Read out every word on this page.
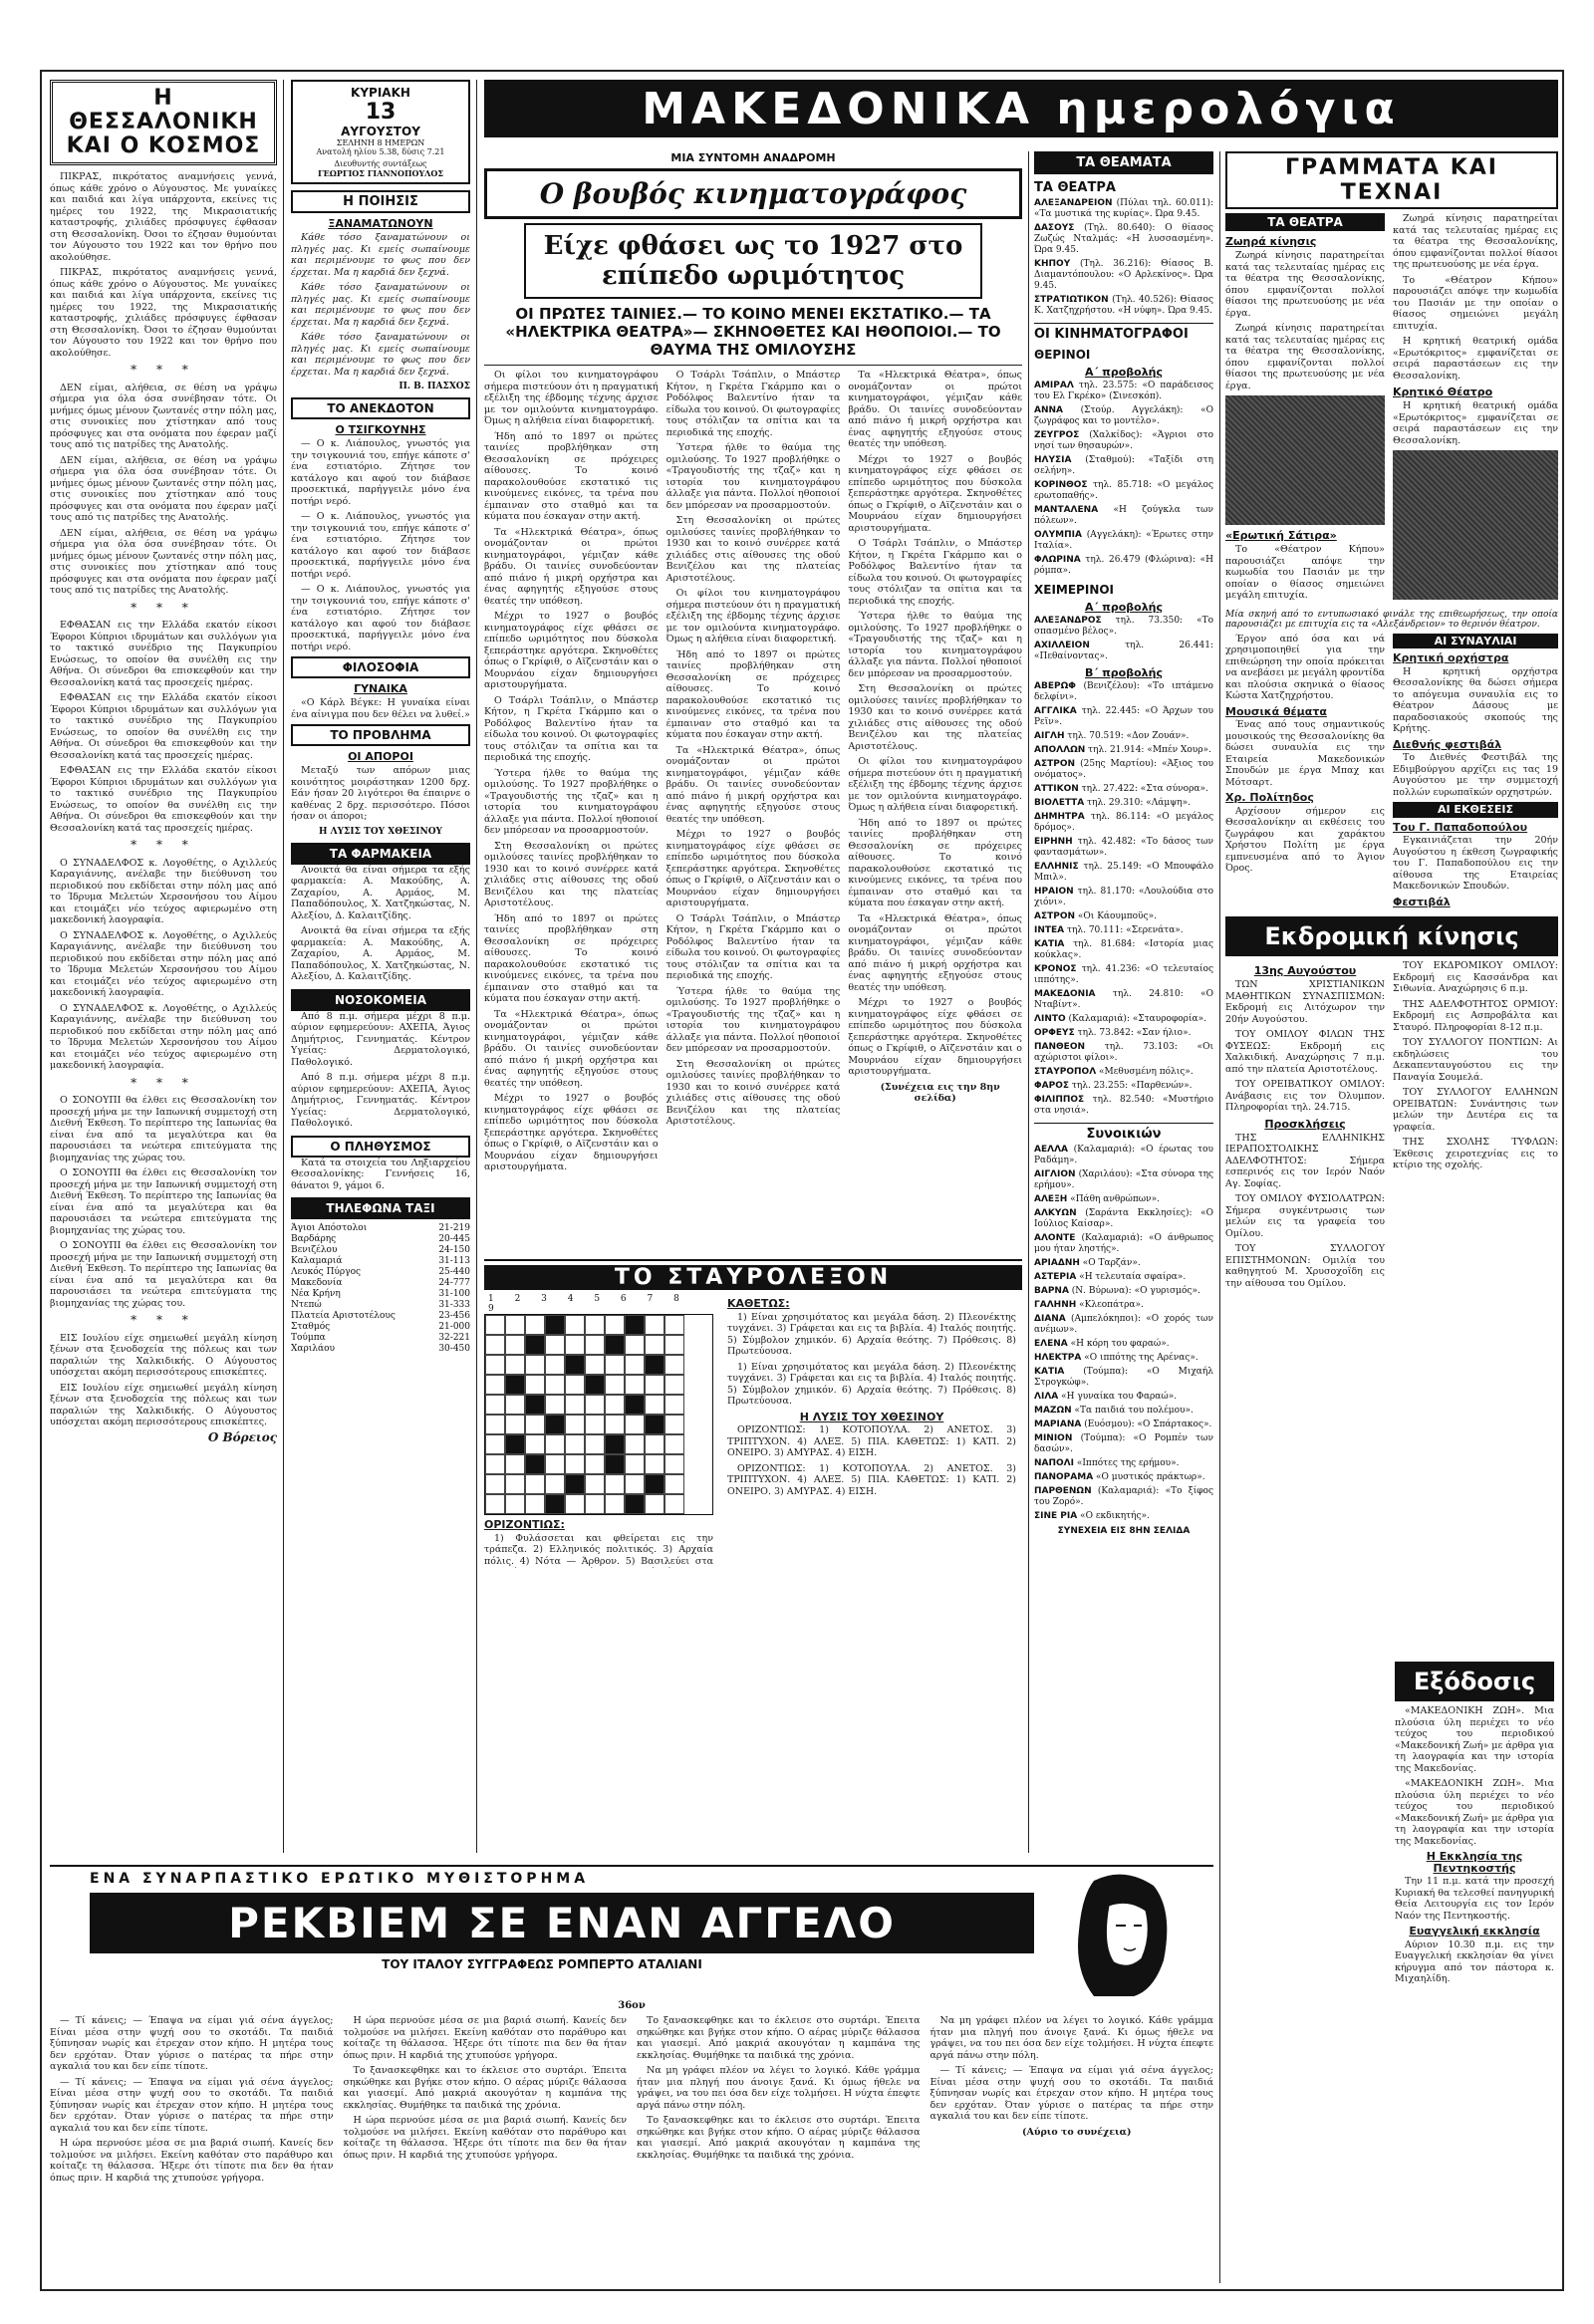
Η ΘΕΣΣΑΛΟΝΙΚΗ ΚΑΙ Ο ΚΟΣΜΟΣ

ΠΙΚΡΑΣ, πικρότατος αναμνήσεις γεννά, όπως κάθε χρόνο ο Αύγουστος. Με γυναίκες και παιδιά και λίγα υπάρχοντα, εκείνες τις ημέρες του 1922, της Μικρασιατικής καταστροφής, χιλιάδες πρόσφυγες έφθασαν στη Θεσσαλονίκη. Όσοι το έζησαν θυμούνται τον Αύγουστο του 1922 και τον θρήνο που ακολούθησε.

ΠΙΚΡΑΣ, πικρότατος αναμνήσεις γεννά, όπως κάθε χρόνο ο Αύγουστος. Με γυναίκες και παιδιά και λίγα υπάρχοντα, εκείνες τις ημέρες του 1922, της Μικρασιατικής καταστροφής, χιλιάδες πρόσφυγες έφθασαν στη Θεσσαλονίκη. Όσοι το έζησαν θυμούνται τον Αύγουστο του 1922 και τον θρήνο που ακολούθησε.

* * *

ΔΕΝ είμαι, αλήθεια, σε θέση να γράψω σήμερα για όλα όσα συνέβησαν τότε. Οι μνήμες όμως μένουν ζωντανές στην πόλη μας, στις συνοικίες που χτίστηκαν από τους πρόσφυγες και στα ονόματα που έφεραν μαζί τους από τις πατρίδες της Ανατολής.

ΔΕΝ είμαι, αλήθεια, σε θέση να γράψω σήμερα για όλα όσα συνέβησαν τότε. Οι μνήμες όμως μένουν ζωντανές στην πόλη μας, στις συνοικίες που χτίστηκαν από τους πρόσφυγες και στα ονόματα που έφεραν μαζί τους από τις πατρίδες της Ανατολής.

ΔΕΝ είμαι, αλήθεια, σε θέση να γράψω σήμερα για όλα όσα συνέβησαν τότε. Οι μνήμες όμως μένουν ζωντανές στην πόλη μας, στις συνοικίες που χτίστηκαν από τους πρόσφυγες και στα ονόματα που έφεραν μαζί τους από τις πατρίδες της Ανατολής.

* * *

ΕΦΘΑΣΑΝ εις την Ελλάδα εκατόν είκοσι Έφοροι Κύπριοι ιδρυμάτων και συλλόγων για το τακτικό συνέδριο της Παγκυπρίου Ενώσεως, το οποίον θα συνέλθη εις την Αθήνα. Οι σύνεδροι θα επισκεφθούν και την Θεσσαλονίκη κατά τας προσεχείς ημέρας.

ΕΦΘΑΣΑΝ εις την Ελλάδα εκατόν είκοσι Έφοροι Κύπριοι ιδρυμάτων και συλλόγων για το τακτικό συνέδριο της Παγκυπρίου Ενώσεως, το οποίον θα συνέλθη εις την Αθήνα. Οι σύνεδροι θα επισκεφθούν και την Θεσσαλονίκη κατά τας προσεχείς ημέρας.

ΕΦΘΑΣΑΝ εις την Ελλάδα εκατόν είκοσι Έφοροι Κύπριοι ιδρυμάτων και συλλόγων για το τακτικό συνέδριο της Παγκυπρίου Ενώσεως, το οποίον θα συνέλθη εις την Αθήνα. Οι σύνεδροι θα επισκεφθούν και την Θεσσαλονίκη κατά τας προσεχείς ημέρας.

* * *

Ο ΣΥΝΑΔΕΛΦΟΣ κ. Λογοθέτης, ο Αχιλλεύς Καραγιάννης, ανέλαβε την διεύθυνση του περιοδικού που εκδίδεται στην πόλη μας από το Ίδρυμα Μελετών Χερσονήσου του Αίμου και ετοιμάζει νέο τεύχος αφιερωμένο στη μακεδονική λαογραφία.

Ο ΣΥΝΑΔΕΛΦΟΣ κ. Λογοθέτης, ο Αχιλλεύς Καραγιάννης, ανέλαβε την διεύθυνση του περιοδικού που εκδίδεται στην πόλη μας από το Ίδρυμα Μελετών Χερσονήσου του Αίμου και ετοιμάζει νέο τεύχος αφιερωμένο στη μακεδονική λαογραφία.

Ο ΣΥΝΑΔΕΛΦΟΣ κ. Λογοθέτης, ο Αχιλλεύς Καραγιάννης, ανέλαβε την διεύθυνση του περιοδικού που εκδίδεται στην πόλη μας από το Ίδρυμα Μελετών Χερσονήσου του Αίμου και ετοιμάζει νέο τεύχος αφιερωμένο στη μακεδονική λαογραφία.

* * *

Ο ΣΟΝΟΥΠΙ θα έλθει εις Θεσσαλονίκη τον προσεχή μήνα με την Ιαπωνική συμμετοχή στη Διεθνή Έκθεση. Το περίπτερο της Ιαπωνίας θα είναι ένα από τα μεγαλύτερα και θα παρουσιάσει τα νεώτερα επιτεύγματα της βιομηχανίας της χώρας του.

Ο ΣΟΝΟΥΠΙ θα έλθει εις Θεσσαλονίκη τον προσεχή μήνα με την Ιαπωνική συμμετοχή στη Διεθνή Έκθεση. Το περίπτερο της Ιαπωνίας θα είναι ένα από τα μεγαλύτερα και θα παρουσιάσει τα νεώτερα επιτεύγματα της βιομηχανίας της χώρας του.

Ο ΣΟΝΟΥΠΙ θα έλθει εις Θεσσαλονίκη τον προσεχή μήνα με την Ιαπωνική συμμετοχή στη Διεθνή Έκθεση. Το περίπτερο της Ιαπωνίας θα είναι ένα από τα μεγαλύτερα και θα παρουσιάσει τα νεώτερα επιτεύγματα της βιομηχανίας της χώρας του.

* * *

ΕΙΣ Ιουλίου είχε σημειωθεί μεγάλη κίνηση ξένων στα ξενοδοχεία της πόλεως και των παραλιών της Χαλκιδικής. Ο Αύγουστος υπόσχεται ακόμη περισσότερους επισκέπτες.

ΕΙΣ Ιουλίου είχε σημειωθεί μεγάλη κίνηση ξένων στα ξενοδοχεία της πόλεως και των παραλιών της Χαλκιδικής. Ο Αύγουστος υπόσχεται ακόμη περισσότερους επισκέπτες.

Ο Βόρειος
ΚΥΡΙΑΚΗ
13
ΑΥΓΟΥΣΤΟΥ
ΣΕΛΗΝΗ 8 ΗΜΕΡΩΝ
Ανατολή ηλίου 5.38, δύσις 7.21
Διευθυντής συντάξεως
ΓΕΩΡΓΙΟΣ ΓΙΑΝΝΟΠΟΥΛΟΣ
Η ΠΟΙΗΣΙΣ
ΞΑΝΑΜΑΤΩΝΟΥΝ

Κάθε τόσο ξαναματώνουν οι πληγές μας. Κι εμείς σωπαίνουμε και περιμένουμε το φως που δεν έρχεται. Μα η καρδιά δεν ξεχνά.

Κάθε τόσο ξαναματώνουν οι πληγές μας. Κι εμείς σωπαίνουμε και περιμένουμε το φως που δεν έρχεται. Μα η καρδιά δεν ξεχνά.

Κάθε τόσο ξαναματώνουν οι πληγές μας. Κι εμείς σωπαίνουμε και περιμένουμε το φως που δεν έρχεται. Μα η καρδιά δεν ξεχνά.

Π. Β. ΠΑΣΧΟΣ
ΤΟ ΑΝΕΚΔΟΤΟΝ
Ο ΤΣΙΓΚΟΥΝΗΣ

— Ο κ. Λιάπουλος, γνωστός για την τσιγκουνιά του, επήγε κάποτε σ' ένα εστιατόριο. Ζήτησε τον κατάλογο και αφού τον διάβασε προσεκτικά, παρήγγειλε μόνο ένα ποτήρι νερό.

— Ο κ. Λιάπουλος, γνωστός για την τσιγκουνιά του, επήγε κάποτε σ' ένα εστιατόριο. Ζήτησε τον κατάλογο και αφού τον διάβασε προσεκτικά, παρήγγειλε μόνο ένα ποτήρι νερό.

— Ο κ. Λιάπουλος, γνωστός για την τσιγκουνιά του, επήγε κάποτε σ' ένα εστιατόριο. Ζήτησε τον κατάλογο και αφού τον διάβασε προσεκτικά, παρήγγειλε μόνο ένα ποτήρι νερό.

ΦΙΛΟΣΟΦΙΑ
ΓΥΝΑΙΚΑ

«Ο Κάρλ Βέγκε: Η γυναίκα είναι ένα αίνιγμα που δεν θέλει να λυθεί.»

ΤΟ ΠΡΟΒΛΗΜΑ
ΟΙ ΑΠΟΡΟΙ

Μεταξύ των απόρων μιας κοινότητος μοιράστηκαν 1200 δρχ. Εάν ήσαν 20 λιγότεροι θα έπαιρνε ο καθένας 2 δρχ. περισσότερο. Πόσοι ήσαν οι άποροι;

Η ΛΥΣΙΣ ΤΟΥ ΧΘΕΣΙΝΟΥ
ΤΑ ΦΑΡΜΑΚΕΙΑ

Ανοικτά θα είναι σήμερα τα εξής φαρμακεία: Α. Μακούδης, Α. Ζαχαρίου, Α. Αρμάος, Μ. Παπαδόπουλος, Χ. Χατζηκώστας, Ν. Αλεξίου, Δ. Καλαιτζίδης.

Ανοικτά θα είναι σήμερα τα εξής φαρμακεία: Α. Μακούδης, Α. Ζαχαρίου, Α. Αρμάος, Μ. Παπαδόπουλος, Χ. Χατζηκώστας, Ν. Αλεξίου, Δ. Καλαιτζίδης.

ΝΟΣΟΚΟΜΕΙΑ

Από 8 π.μ. σήμερα μέχρι 8 π.μ. αύριον εφημερεύουν: ΑΧΕΠΑ, Άγιος Δημήτριος, Γεννηματάς. Κέντρον Υγείας: Δερματολογικό, Παθολογικό.

Από 8 π.μ. σήμερα μέχρι 8 π.μ. αύριον εφημερεύουν: ΑΧΕΠΑ, Άγιος Δημήτριος, Γεννηματάς. Κέντρον Υγείας: Δερματολογικό, Παθολογικό.

Ο ΠΛΗΘΥΣΜΟΣ

Κατά τα στοιχεία του Ληξιαρχείου Θεσσαλονίκης: Γεννήσεις 16, θάνατοι 9, γάμοι 6.

ΤΗΛΕΦΩΝΑ ΤΑΞΙ
Άγιοι Απόστολοι	21-219
Βαρδάρης	20-445
Βενιζέλου	24-150
Καλαμαριά	31-113
Λευκός Πύργος	25-440
Μακεδονία	24-777
Νέα Κρήνη	31-100
Ντεπώ	31-333
Πλατεία Αριστοτέλους	23-456
Σταθμός	21-000
Τούμπα	32-221
Χαριλάου	30-450
ΜΑΚΕΔΟΝΙΚΑ ημερολόγια
ΜΙΑ ΣΥΝΤΟΜΗ ΑΝΑΔΡΟΜΗ
Ο βουβός κινηματογράφος
Είχε φθάσει ως το 1927 στο επίπεδο ωριμότητος
ΟΙ ΠΡΩΤΕΣ ΤΑΙΝΙΕΣ.— ΤΟ ΚΟΙΝΟ ΜΕΝΕΙ ΕΚΣΤΑΤΙΚΟ.— ΤΑ «ΗΛΕΚΤΡΙΚΑ ΘΕΑΤΡΑ»— ΣΚΗΝΟΘΕΤΕΣ ΚΑΙ ΗΘΟΠΟΙΟΙ.— ΤΟ ΘΑΥΜΑ ΤΗΣ ΟΜΙΛΟΥΣΗΣ

Οι φίλοι του κινηματογράφου σήμερα πιστεύουν ότι η πραγματική εξέλιξη της έβδομης τέχνης άρχισε με τον ομιλούντα κινηματογράφο. Όμως η αλήθεια είναι διαφορετική.

Ήδη από το 1897 οι πρώτες ταινίες προβλήθηκαν στη Θεσσαλονίκη σε πρόχειρες αίθουσες. Το κοινό παρακολουθούσε εκστατικό τις κινούμενες εικόνες, τα τρένα που έμπαιναν στο σταθμό και τα κύματα που έσκαγαν στην ακτή.

Τα «Ηλεκτρικά Θέατρα», όπως ονομάζονταν οι πρώτοι κινηματογράφοι, γέμιζαν κάθε βράδυ. Οι ταινίες συνοδεύονταν από πιάνο ή μικρή ορχήστρα και ένας αφηγητής εξηγούσε στους θεατές την υπόθεση.

Μέχρι το 1927 ο βουβός κινηματογράφος είχε φθάσει σε επίπεδο ωριμότητος που δύσκολα ξεπεράστηκε αργότερα. Σκηνοθέτες όπως ο Γκρίφιθ, ο Αϊζενστάιν και ο Μουρνάου είχαν δημιουργήσει αριστουργήματα.

Ο Τσάρλι Τσάπλιν, ο Μπάστερ Κήτον, η Γκρέτα Γκάρμπο και ο Ροδόλφος Βαλεντίνο ήταν τα είδωλα του κοινού. Οι φωτογραφίες τους στόλιζαν τα σπίτια και τα περιοδικά της εποχής.

Ύστερα ήλθε το θαύμα της ομιλούσης. Το 1927 προβλήθηκε ο «Τραγουδιστής της τζαζ» και η ιστορία του κινηματογράφου άλλαξε για πάντα. Πολλοί ηθοποιοί δεν μπόρεσαν να προσαρμοστούν.

Στη Θεσσαλονίκη οι πρώτες ομιλούσες ταινίες προβλήθηκαν το 1930 και το κοινό συνέρρεε κατά χιλιάδες στις αίθουσες της οδού Βενιζέλου και της πλατείας Αριστοτέλους.

Ήδη από το 1897 οι πρώτες ταινίες προβλήθηκαν στη Θεσσαλονίκη σε πρόχειρες αίθουσες. Το κοινό παρακολουθούσε εκστατικό τις κινούμενες εικόνες, τα τρένα που έμπαιναν στο σταθμό και τα κύματα που έσκαγαν στην ακτή.

Τα «Ηλεκτρικά Θέατρα», όπως ονομάζονταν οι πρώτοι κινηματογράφοι, γέμιζαν κάθε βράδυ. Οι ταινίες συνοδεύονταν από πιάνο ή μικρή ορχήστρα και ένας αφηγητής εξηγούσε στους θεατές την υπόθεση.

Μέχρι το 1927 ο βουβός κινηματογράφος είχε φθάσει σε επίπεδο ωριμότητος που δύσκολα ξεπεράστηκε αργότερα. Σκηνοθέτες όπως ο Γκρίφιθ, ο Αϊζενστάιν και ο Μουρνάου είχαν δημιουργήσει αριστουργήματα.

Ο Τσάρλι Τσάπλιν, ο Μπάστερ Κήτον, η Γκρέτα Γκάρμπο και ο Ροδόλφος Βαλεντίνο ήταν τα είδωλα του κοινού. Οι φωτογραφίες τους στόλιζαν τα σπίτια και τα περιοδικά της εποχής.

Ύστερα ήλθε το θαύμα της ομιλούσης. Το 1927 προβλήθηκε ο «Τραγουδιστής της τζαζ» και η ιστορία του κινηματογράφου άλλαξε για πάντα. Πολλοί ηθοποιοί δεν μπόρεσαν να προσαρμοστούν.

Στη Θεσσαλονίκη οι πρώτες ομιλούσες ταινίες προβλήθηκαν το 1930 και το κοινό συνέρρεε κατά χιλιάδες στις αίθουσες της οδού Βενιζέλου και της πλατείας Αριστοτέλους.

Οι φίλοι του κινηματογράφου σήμερα πιστεύουν ότι η πραγματική εξέλιξη της έβδομης τέχνης άρχισε με τον ομιλούντα κινηματογράφο. Όμως η αλήθεια είναι διαφορετική.

Ήδη από το 1897 οι πρώτες ταινίες προβλήθηκαν στη Θεσσαλονίκη σε πρόχειρες αίθουσες. Το κοινό παρακολουθούσε εκστατικό τις κινούμενες εικόνες, τα τρένα που έμπαιναν στο σταθμό και τα κύματα που έσκαγαν στην ακτή.

Τα «Ηλεκτρικά Θέατρα», όπως ονομάζονταν οι πρώτοι κινηματογράφοι, γέμιζαν κάθε βράδυ. Οι ταινίες συνοδεύονταν από πιάνο ή μικρή ορχήστρα και ένας αφηγητής εξηγούσε στους θεατές την υπόθεση.

Μέχρι το 1927 ο βουβός κινηματογράφος είχε φθάσει σε επίπεδο ωριμότητος που δύσκολα ξεπεράστηκε αργότερα. Σκηνοθέτες όπως ο Γκρίφιθ, ο Αϊζενστάιν και ο Μουρνάου είχαν δημιουργήσει αριστουργήματα.

Ο Τσάρλι Τσάπλιν, ο Μπάστερ Κήτον, η Γκρέτα Γκάρμπο και ο Ροδόλφος Βαλεντίνο ήταν τα είδωλα του κοινού. Οι φωτογραφίες τους στόλιζαν τα σπίτια και τα περιοδικά της εποχής.

Ύστερα ήλθε το θαύμα της ομιλούσης. Το 1927 προβλήθηκε ο «Τραγουδιστής της τζαζ» και η ιστορία του κινηματογράφου άλλαξε για πάντα. Πολλοί ηθοποιοί δεν μπόρεσαν να προσαρμοστούν.

Στη Θεσσαλονίκη οι πρώτες ομιλούσες ταινίες προβλήθηκαν το 1930 και το κοινό συνέρρεε κατά χιλιάδες στις αίθουσες της οδού Βενιζέλου και της πλατείας Αριστοτέλους.

Τα «Ηλεκτρικά Θέατρα», όπως ονομάζονταν οι πρώτοι κινηματογράφοι, γέμιζαν κάθε βράδυ. Οι ταινίες συνοδεύονταν από πιάνο ή μικρή ορχήστρα και ένας αφηγητής εξηγούσε στους θεατές την υπόθεση.

Μέχρι το 1927 ο βουβός κινηματογράφος είχε φθάσει σε επίπεδο ωριμότητος που δύσκολα ξεπεράστηκε αργότερα. Σκηνοθέτες όπως ο Γκρίφιθ, ο Αϊζενστάιν και ο Μουρνάου είχαν δημιουργήσει αριστουργήματα.

Ο Τσάρλι Τσάπλιν, ο Μπάστερ Κήτον, η Γκρέτα Γκάρμπο και ο Ροδόλφος Βαλεντίνο ήταν τα είδωλα του κοινού. Οι φωτογραφίες τους στόλιζαν τα σπίτια και τα περιοδικά της εποχής.

Ύστερα ήλθε το θαύμα της ομιλούσης. Το 1927 προβλήθηκε ο «Τραγουδιστής της τζαζ» και η ιστορία του κινηματογράφου άλλαξε για πάντα. Πολλοί ηθοποιοί δεν μπόρεσαν να προσαρμοστούν.

Στη Θεσσαλονίκη οι πρώτες ομιλούσες ταινίες προβλήθηκαν το 1930 και το κοινό συνέρρεε κατά χιλιάδες στις αίθουσες της οδού Βενιζέλου και της πλατείας Αριστοτέλους.

Οι φίλοι του κινηματογράφου σήμερα πιστεύουν ότι η πραγματική εξέλιξη της έβδομης τέχνης άρχισε με τον ομιλούντα κινηματογράφο. Όμως η αλήθεια είναι διαφορετική.

Ήδη από το 1897 οι πρώτες ταινίες προβλήθηκαν στη Θεσσαλονίκη σε πρόχειρες αίθουσες. Το κοινό παρακολουθούσε εκστατικό τις κινούμενες εικόνες, τα τρένα που έμπαιναν στο σταθμό και τα κύματα που έσκαγαν στην ακτή.

Τα «Ηλεκτρικά Θέατρα», όπως ονομάζονταν οι πρώτοι κινηματογράφοι, γέμιζαν κάθε βράδυ. Οι ταινίες συνοδεύονταν από πιάνο ή μικρή ορχήστρα και ένας αφηγητής εξηγούσε στους θεατές την υπόθεση.

Μέχρι το 1927 ο βουβός κινηματογράφος είχε φθάσει σε επίπεδο ωριμότητος που δύσκολα ξεπεράστηκε αργότερα. Σκηνοθέτες όπως ο Γκρίφιθ, ο Αϊζενστάιν και ο Μουρνάου είχαν δημιουργήσει αριστουργήματα.

(Συνέχεια εις την 8ην σελίδα)

ΤΟ ΣΤΑΥΡΟΛΕΞΟΝ
1 2 3 4 5 6 7 8 9
ΟΡΙΖΟΝΤΙΩΣ:

1) Φυλάσσεται και φθείρεται εις την τράπεζα. 2) Ελληνικός πολιτικός. 3) Αρχαία πόλις. 4) Νότα — Άρθρον. 5) Βασιλεύει στα

ΚΑΘΕΤΩΣ:

1) Είναι χρησιμότατος και μεγάλα δάση. 2) Πλεονέκτης τυγχάνει. 3) Γράφεται και εις τα βιβλία. 4) Ιταλός ποιητής. 5) Σύμβολον χημικόν. 6) Αρχαία θεότης. 7) Πρόθεσις. 8) Πρωτεύουσα.

1) Είναι χρησιμότατος και μεγάλα δάση. 2) Πλεονέκτης τυγχάνει. 3) Γράφεται και εις τα βιβλία. 4) Ιταλός ποιητής. 5) Σύμβολον χημικόν. 6) Αρχαία θεότης. 7) Πρόθεσις. 8) Πρωτεύουσα.

Η ΛΥΣΙΣ ΤΟΥ ΧΘΕΣΙΝΟΥ

ΟΡΙΖΟΝΤΙΩΣ: 1) ΚΟΤΟΠΟΥΛΑ. 2) ΑΝΕΤΟΣ. 3) ΤΡΙΠΤΥΧΟΝ. 4) ΑΛΕΞ. 5) ΠΙΑ. ΚΑΘΕΤΩΣ: 1) ΚΑΤΙ. 2) ΟΝΕΙΡΟ. 3) ΑΜΥΡΑΣ. 4) ΕΙΣΗ.

ΟΡΙΖΟΝΤΙΩΣ: 1) ΚΟΤΟΠΟΥΛΑ. 2) ΑΝΕΤΟΣ. 3) ΤΡΙΠΤΥΧΟΝ. 4) ΑΛΕΞ. 5) ΠΙΑ. ΚΑΘΕΤΩΣ: 1) ΚΑΤΙ. 2) ΟΝΕΙΡΟ. 3) ΑΜΥΡΑΣ. 4) ΕΙΣΗ.

ΤΑ ΘΕΑΜΑΤΑ
ΤΑ ΘΕΑΤΡΑ
ΑΛΕΞΑΝΔΡΕΙΟΝ (Πύλαι τηλ. 60.011): «Τα μυστικά της κυρίας». Ώρα 9.45.
ΔΑΣΟΥΣ (Τηλ. 80.640): Ο θίασος Ζωζώς Νταλμάς: «Η λυσσασμένη». Ώρα 9.45.
ΚΗΠΟΥ (Τηλ. 36.216): Θίασος Β. Διαμαντόπουλου: «Ο Αρλεκίνος». Ώρα 9.45.
ΣΤΡΑΤΙΩΤΙΚΟΝ (Τηλ. 40.526): Θίασος Κ. Χατζηχρήστου. «Η νύφη». Ώρα 9.45.
ΟΙ ΚΙΝΗΜΑΤΟΓΡΑΦΟΙ
ΘΕΡΙΝΟΙ
Α΄ προβολής
ΑΜΙΡΑΛ τηλ. 23.575: «Ο παράδεισος του Ελ Γκρέκο» (Σινεσκόπ).
ΑΝΝΑ (Στούρ. Αγγελάκη): «Ο ζωγράφος και το μοντέλο».
ΖΕΥΓΡΟΣ (Χαλκίδος): «Άγριοι στο νησί των θησαυρών».
ΗΛΥΣΙΑ (Σταθμού): «Ταξίδι στη σελήνη».
ΚΟΡΙΝΘΟΣ τηλ. 85.718: «Ο μεγάλος ερωτοπαθής».
ΜΑΝΤΑΛΕΝΑ «Η ζούγκλα των πόλεων».
ΟΛΥΜΠΙΑ (Αγγελάκη): «Έρωτες στην Ιταλία».
ΦΛΩΡΙΝΑ τηλ. 26.479 (Φλώρινα): «Η ρόμπα».
ΧΕΙΜΕΡΙΝΟΙ
Α΄ προβολής
ΑΛΕΞΑΝΔΡΟΣ τηλ. 73.350: «Το σπασμένο βέλος».
ΑΧΙΛΛΕΙΟΝ	τηλ. 26.441: «Πεθαίνοντας».
Β΄ προβολής
ΑΒΕΡΩΦ (Βενιζέλου): «Το ιπτάμενο δελφίνι».
ΑΓΓΛΙΚΑ τηλ. 22.445: «Ο Άρχων του Ρεϊν».
ΑΙΓΛΗ τηλ. 70.519: «Δον Ζουάν».
ΑΠΟΛΛΩΝ τηλ. 21.914: «Μπέν Χουρ».
ΑΣΤΡΟΝ (25ης Μαρτίου): «Άξιος του ονόματος».
ΑΤΤΙΚΟΝ τηλ. 27.422: «Στα σύνορα».
ΒΙΟΛΕΤΤΑ τηλ. 29.310: «Λάμψη».
ΔΗΜΗΤΡΑ τηλ. 86.114: «Ο μεγάλος δρόμος».
ΕΙΡΗΝΗ τηλ. 42.482: «Το δάσος των φαντασμάτων».
ΕΛΛΗΝΙΣ τηλ. 25.149: «Ο Μπουφάλο Μπιλ».
ΗΡΑΙΟΝ τηλ. 81.170: «Λουλούδια στο χιόνι».
ΑΣΤΡΟΝ «Οι Κάουμποϋς».
ΙΝΤΕΑ τηλ. 70.111: «Σερενάτα».
ΚΑΤΙΑ τηλ. 81.684: «Ιστορία μιας κούκλας».
ΚΡΟΝΟΣ τηλ. 41.236: «Ο τελευταίος ιππότης».
ΜΑΚΕΔΟΝΙΑ τηλ. 24.810: «Ο Νταβίντ».
ΛΙΝΤΟ (Καλαμαριά): «Σταυροφορία».
ΟΡΦΕΥΣ τηλ. 73.842: «Σαν ήλιο».
ΠΑΝΘΕΟΝ τηλ. 73.103: «Οι αχώριστοι φίλοι».
ΣΤΑΥΡΟΠΟΛ «Μεθυσμένη πόλις».
ΦΑΡΟΣ τηλ. 23.255: «Παρθενών».
ΦΙΛΙΠΠΟΣ τηλ. 82.540: «Μυστήριο στα νησιά».
Συνοικιών
ΑΕΛΛΑ (Καλαμαριά): «Ο έρωτας του Ραδάμη».
ΑΙΓΛΙΟΝ (Χαριλάου): «Στα σύνορα της ερήμου».
ΑΛΕΞΗ «Πάθη ανθρώπων».
ΑΛΚΥΩΝ (Σαράντα Εκκλησίες): «Ο Ιούλιος Καίσαρ».
ΑΛΟΝΤΕ (Καλαμαριά): «Ο άνθρωπος μου ήταν ληστής».
ΑΡΙΑΔΝΗ «Ο Ταρζάν».
ΑΣΤΕΡΙΑ «Η τελευταία σφαίρα».
ΒΑΡΝΑ (Ν. Βύρωνα): «Ο γυρισμός».
ΓΑΛΗΝΗ «Κλεοπάτρα».
ΔΙΑΝΑ (Αμπελόκηποι): «Ο χορός των ανέμων».
ΕΛΕΝΑ «Η κόρη του φαραώ».
ΗΛΕΚΤΡΑ «Ο ιππότης της Αρένας».
ΚΑΤΙΑ (Τούμπα): «Ο Μιχαήλ Στρογκώφ».
ΛΙΛΑ «Η γυναίκα του Φαραώ».
ΜΑΖΩΝ «Τα παιδιά του πολέμου».
ΜΑΡΙΑΝΑ (Ευόσμου): «Ο Σπάρτακος».
ΜΙΝΙΟΝ (Τούμπα): «Ο Ρομπέν των δασών».
ΝΑΠΟΛΙ «Ιππότες της ερήμου».
ΠΑΝΟΡΑΜΑ «Ο μυστικός πράκτωρ».
ΠΑΡΘΕΝΩΝ (Καλαμαριά): «Το ξίφος του Ζορό».
ΣΙΝΕ ΡΙΑ «Ο εκδικητής».
ΣΥΝΕΧΕΙΑ ΕΙΣ 8ΗΝ ΣΕΛΙΔΑ
ΓΡΑΜΜΑΤΑ ΚΑΙ ΤΕΧΝΑΙ
ΤΑ ΘΕΑΤΡΑ
Ζωηρά κίνησις

Ζωηρά κίνησις παρατηρείται κατά τας τελευταίας ημέρας εις τα θέατρα της Θεσσαλονίκης, όπου εμφανίζονται πολλοί θίασοι της πρωτευούσης με νέα έργα.

Ζωηρά κίνησις παρατηρείται κατά τας τελευταίας ημέρας εις τα θέατρα της Θεσσαλονίκης, όπου εμφανίζονται πολλοί θίασοι της πρωτευούσης με νέα έργα.

«Ερωτική Σάτιρα»

Το «Θέατρον Κήπου» παρουσιάζει απόψε την κωμωδία του Πασιάν με την οποίαν ο θίασος σημειώνει μεγάλη επιτυχία.

Ζωηρά κίνησις παρατηρείται κατά τας τελευταίας ημέρας εις τα θέατρα της Θεσσαλονίκης, όπου εμφανίζονται πολλοί θίασοι της πρωτευούσης με νέα έργα.

Το «Θέατρον Κήπου» παρουσιάζει απόψε την κωμωδία του Πασιάν με την οποίαν ο θίασος σημειώνει μεγάλη επιτυχία.

Η κρητική θεατρική ομάδα «Ερωτόκριτος» εμφανίζεται σε σειρά παραστάσεων εις την Θεσσαλονίκη.

Κρητικό Θέατρο

Η κρητική θεατρική ομάδα «Ερωτόκριτος» εμφανίζεται σε σειρά παραστάσεων εις την Θεσσαλονίκη.

Μία σκηνή από το εντυπωσιακό φινάλε της επιθεωρήσεως, την οποία παρουσιάζει με επιτυχία εις τα «Αλεξάνδρειον» το θερινόν θέατρον.

Έργον από όσα και νά χρησιμοποιηθεί για την επιθεώρηση την οποία πρόκειται να ανεβάσει με μεγάλη φροντίδα και πλούσια σκηνικά ο θίασος Κώστα Χατζηχρήστου.

Μουσικά θέματα

Ένας από τους σημαντικούς μουσικούς της Θεσσαλονίκης θα δώσει συναυλία εις την Εταιρεία Μακεδονικών Σπουδών με έργα Μπαχ και Μότσαρτ.

Χρ. Πολίτηδος

Αρχίσουν σήμερον εις Θεσσαλονίκην αι εκθέσεις του ζωγράφου και χαράκτου Χρήστου Πολίτη με έργα εμπνευσμένα από το Άγιον Όρος.

ΑΙ ΣΥΝΑΥΛΙΑΙ
Κρητική ορχήστρα

Η κρητική ορχήστρα Θεσσαλονίκης θα δώσει σήμερα το απόγευμα συναυλία εις το Θέατρον Δάσους με παραδοσιακούς σκοπούς της Κρήτης.

Διεθνής φεστιβάλ

Το Διεθνές Φεστιβάλ της Εδιμβούργου αρχίζει εις τας 19 Αυγούστου με την συμμετοχή πολλών ευρωπαϊκών ορχηστρών.

ΑΙ ΕΚΘΕΣΕΙΣ
Του Γ. Παπαδοπούλου

Εγκαινιάζεται την 20ήν Αυγούστου η έκθεση ζωγραφικής του Γ. Παπαδοπούλου εις την αίθουσα της Εταιρείας Μακεδονικών Σπουδών.

Φεστιβάλ

Εκδρομική κίνησις
13ης Αυγούστου

ΤΩΝ ΧΡΙΣΤΙΑΝΙΚΩΝ ΜΑΘΗΤΙΚΩΝ ΣΥΝΑΣΠΙΣΜΩΝ: Εκδρομή εις Λιτόχωρον την 20ήν Αυγούστου.

ΤΟΥ ΟΜΙΛΟΥ ΦΙΛΩΝ ΤΗΣ ΦΥΣΕΩΣ: Εκδρομή εις Χαλκιδική. Αναχώρησις 7 π.μ. από την πλατεία Αριστοτέλους.

ΤΟΥ ΟΡΕΙΒΑΤΙΚΟΥ ΟΜΙΛΟΥ: Ανάβασις εις τον Όλυμπον. Πληροφορίαι τηλ. 24.715.

Προσκλήσεις

ΤΗΣ ΕΛΛΗΝΙΚΗΣ ΙΕΡΑΠΟΣΤΟΛΙΚΗΣ ΑΔΕΛΦΟΤΗΤΟΣ: Σήμερα εσπερινός εις τον Ιερόν Ναόν Αγ. Σοφίας.

ΤΟΥ ΟΜΙΛΟΥ ΦΥΣΙΟΛΑΤΡΩΝ: Σήμερα συγκέντρωσις των μελών εις τα γραφεία του Ομίλου.

ΤΟΥ ΣΥΛΛΟΓΟΥ ΕΠΙΣΤΗΜΟΝΩΝ: Ομιλία του καθηγητού Μ. Χρυσοχοΐδη εις την αίθουσα του Ομίλου.

ΤΟΥ ΕΚΔΡΟΜΙΚΟΥ ΟΜΙΛΟΥ: Εκδρομή εις Κασσάνδρα και Σιθωνία. Αναχώρησις 6 π.μ.

ΤΗΣ ΑΔΕΛΦΟΤΗΤΟΣ ΟΡΜΙΟΥ: Εκδρομή εις Ασπροβάλτα και Σταυρό. Πληροφορίαι 8-12 π.μ.

ΤΟΥ ΣΥΛΛΟΓΟΥ ΠΟΝΤΙΩΝ: Αι εκδηλώσεις του Δεκαπενταυγούστου εις την Παναγία Σουμελά.

ΤΟΥ ΣΥΛΛΟΓΟΥ ΕΛΛΗΝΩΝ ΟΡΕΙΒΑΤΩΝ: Συνάντησις των μελών την Δευτέρα εις τα γραφεία.

ΤΗΣ ΣΧΟΛΗΣ ΤΥΦΛΩΝ: Έκθεσις χειροτεχνίας εις το κτίριο της σχολής.

Εξόδοσις

«ΜΑΚΕΔΟΝΙΚΗ ΖΩΗ». Μια πλούσια ύλη περιέχει το νέο τεύχος του περιοδικού «Μακεδονική Ζωή» με άρθρα για τη λαογραφία και την ιστορία της Μακεδονίας.

«ΜΑΚΕΔΟΝΙΚΗ ΖΩΗ». Μια πλούσια ύλη περιέχει το νέο τεύχος του περιοδικού «Μακεδονική Ζωή» με άρθρα για τη λαογραφία και την ιστορία της Μακεδονίας.

Η Εκκλησία της Πεντηκοστής

Την 11 π.μ. κατά την προσεχή Κυριακή θα τελεσθεί πανηγυρική Θεία Λειτουργία εις τον Ιερόν Ναόν της Πεντηκοστής.

Ευαγγελική εκκλησία

Αύριον 10.30 π.μ. εις την Ευαγγελική εκκλησίαν θα γίνει κήρυγμα από τον πάστορα κ. Μιχαηλίδη.

ΕΝΑ ΣΥΝΑΡΠΑΣΤΙΚΟ ΕΡΩΤΙΚΟ ΜΥΘΙΣΤΟΡΗΜΑ
ΡΕΚΒΙΕΜ ΣΕ ΕΝΑΝ ΑΓΓΕΛΟ
ΤΟΥ ΙΤΑΛΟΥ ΣΥΓΓΡΑΦΕΩΣ ΡΟΜΠΕΡΤΟ ΑΤΑΛΙΑΝΙ
36ον

— Τί κάνεις; — Έπαψα να είμαι γιά σένα άγγελος; Είναι μέσα στην ψυχή σου το σκοτάδι. Τα παιδιά ξύπνησαν νωρίς και έτρεχαν στον κήπο. Η μητέρα τους δεν ερχόταν. Όταν γύρισε ο πατέρας τα πήρε στην αγκαλιά του και δεν είπε τίποτε.

— Τί κάνεις; — Έπαψα να είμαι γιά σένα άγγελος; Είναι μέσα στην ψυχή σου το σκοτάδι. Τα παιδιά ξύπνησαν νωρίς και έτρεχαν στον κήπο. Η μητέρα τους δεν ερχόταν. Όταν γύρισε ο πατέρας τα πήρε στην αγκαλιά του και δεν είπε τίποτε.

Η ώρα περνούσε μέσα σε μια βαριά σιωπή. Κανείς δεν τολμούσε να μιλήσει. Εκείνη καθόταν στο παράθυρο και κοίταζε τη θάλασσα. Ήξερε ότι τίποτε πια δεν θα ήταν όπως πριν. Η καρδιά της χτυπούσε γρήγορα.

Η ώρα περνούσε μέσα σε μια βαριά σιωπή. Κανείς δεν τολμούσε να μιλήσει. Εκείνη καθόταν στο παράθυρο και κοίταζε τη θάλασσα. Ήξερε ότι τίποτε πια δεν θα ήταν όπως πριν. Η καρδιά της χτυπούσε γρήγορα.

Το ξανασκεφθηκε και το έκλεισε στο συρτάρι. Έπειτα σηκώθηκε και βγήκε στον κήπο. Ο αέρας μύριζε θάλασσα και γιασεμί. Από μακριά ακουγόταν η καμπάνα της εκκλησίας. Θυμήθηκε τα παιδικά της χρόνια.

Η ώρα περνούσε μέσα σε μια βαριά σιωπή. Κανείς δεν τολμούσε να μιλήσει. Εκείνη καθόταν στο παράθυρο και κοίταζε τη θάλασσα. Ήξερε ότι τίποτε πια δεν θα ήταν όπως πριν. Η καρδιά της χτυπούσε γρήγορα.

Το ξανασκεφθηκε και το έκλεισε στο συρτάρι. Έπειτα σηκώθηκε και βγήκε στον κήπο. Ο αέρας μύριζε θάλασσα και γιασεμί. Από μακριά ακουγόταν η καμπάνα της εκκλησίας. Θυμήθηκε τα παιδικά της χρόνια.

Να μη γράφει πλέον να λέγει το λογικό. Κάθε γράμμα ήταν μια πληγή που άνοιγε ξανά. Κι όμως ήθελε να γράψει, να του πει όσα δεν είχε τολμήσει. Η νύχτα έπεφτε αργά πάνω στην πόλη.

Το ξανασκεφθηκε και το έκλεισε στο συρτάρι. Έπειτα σηκώθηκε και βγήκε στον κήπο. Ο αέρας μύριζε θάλασσα και γιασεμί. Από μακριά ακουγόταν η καμπάνα της εκκλησίας. Θυμήθηκε τα παιδικά της χρόνια.

Να μη γράφει πλέον να λέγει το λογικό. Κάθε γράμμα ήταν μια πληγή που άνοιγε ξανά. Κι όμως ήθελε να γράψει, να του πει όσα δεν είχε τολμήσει. Η νύχτα έπεφτε αργά πάνω στην πόλη.

— Τί κάνεις; — Έπαψα να είμαι γιά σένα άγγελος; Είναι μέσα στην ψυχή σου το σκοτάδι. Τα παιδιά ξύπνησαν νωρίς και έτρεχαν στον κήπο. Η μητέρα τους δεν ερχόταν. Όταν γύρισε ο πατέρας τα πήρε στην αγκαλιά του και δεν είπε τίποτε.

(Αύριο το συνέχεια)
